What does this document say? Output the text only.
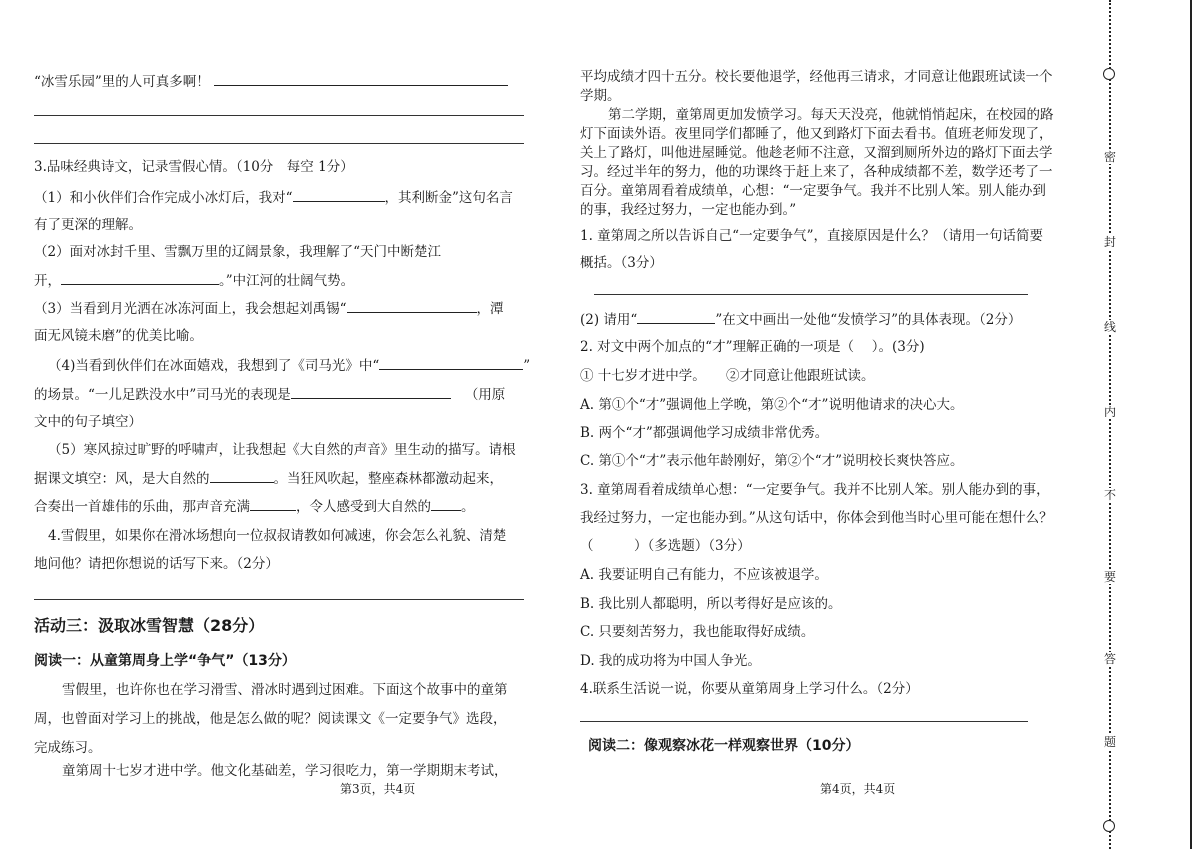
“冰雪乐园”里的人可真多啊！
3.品味经典诗文，记录雪假心情。（10分　每空 1分）
（1）和小伙伴们合作完成小冰灯后，我对“	，其利断金”这句名言
有了更深的理解。
（2）面对冰封千里、雪飘万里的辽阔景象，我理解了“天门中断楚江
开，	。”中江河的壮阔气势。
（3）当看到月光洒在冰冻河面上，我会想起刘禹锡“	，潭
面无风镜未磨”的优美比喻。
（4)当看到伙伴们在冰面嬉戏，我想到了《司马光》中“	”
的场景。“一儿足跌没水中”司马光的表现是	（用原
文中的句子填空）
（5）寒风掠过旷野的呼啸声，让我想起《大自然的声音》里生动的描写。请根
据课文填空：风，是大自然的	。当狂风吹起，整座森林都激动起来，
合奏出一首雄伟的乐曲，那声音充满	，令人感受到大自然的 。
4.雪假里，如果你在滑冰场想向一位叔叔请教如何减速，你会怎么礼貌、清楚
地问他？请把你想说的话写下来。（2分）
活动三：汲取冰雪智慧（28分）
阅读一：从童第周身上学“争气”（13分）
雪假里，也许你也在学习滑雪、滑冰时遇到过困难。下面这个故事中的童第
周，也曾面对学习上的挑战，他是怎么做的呢？阅读课文《一定要争气》选段，
完成练习。
童第周十七岁才进中学。他文化基础差，学习很吃力，第一学期期末考试，
第3页，共4页
平均成绩才四十五分。校长要他退学，经他再三请求，才同意让他跟班试读一个
学期。
第二学期，童第周更加发愤学习。每天天没亮，他就悄悄起床，在校园的路
灯下面读外语。夜里同学们都睡了，他又到路灯下面去看书。值班老师发现了，
关上了路灯，叫他进屋睡觉。他趁老师不注意，又溜到厕所外边的路灯下面去学
习。经过半年的努力，他的功课终于赶上来了，各种成绩都不差，数学还考了一
百分。童第周看着成绩单，心想：“一定要争气。我并不比别人笨。别人能办到
的事，我经过努力，一定也能办到。”
1. 童第周之所以告诉自己“一定要争气”，直接原因是什么？（请用一句话简要
概括。（3分）
(2) 请用“	”在文中画出一处他“发愤学习”的具体表现。（2分）
2. 对文中两个加点的“才”理解正确的一项是（　 ）。(3分)
① 十七岁才进中学。　　②才同意让他跟班试读。
A. 第①个“才”强调他上学晚，第②个“才”说明他请求的决心大。
B. 两个“才”都强调他学习成绩非常优秀。
C. 第①个“才”表示他年龄刚好，第②个“才”说明校长爽快答应。
3. 童第周看着成绩单心想：“一定要争气。我并不比别人笨。别人能办到的事，
我经过努力，一定也能办到。”从这句话中，你体会到他当时心里可能在想什么？
（　　　）（多选题）（3分）
A. 我要证明自己有能力，不应该被退学。
B. 我比别人都聪明，所以考得好是应该的。
C. 只要刻苦努力，我也能取得好成绩。
D. 我的成功将为中国人争光。
4.联系生活说一说，你要从童第周身上学习什么。（2分）
阅读二：像观察冰花一样观察世界（10分）
第4页，共4页
密
封
线
内
不
要
答
题
